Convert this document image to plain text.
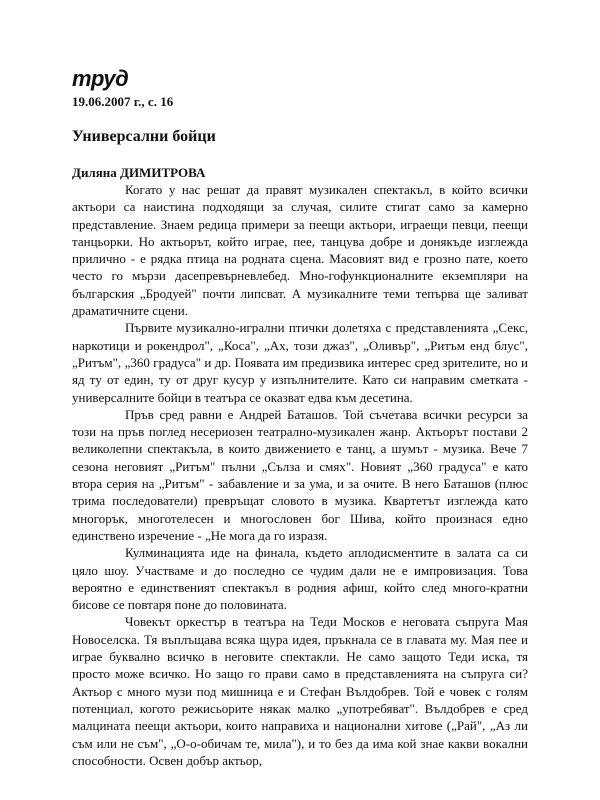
труд

19.06.2007 г., с. 16

Универсални бойци

Диляна ДИМИТРОВА

Когато у нас решат да правят музикален спектакъл, в който всички актьори са наистина подходящи за случая, силите стигат само за камерно представление. Знаем редица примери за пеещи актьори, играещи певци, пеещи танцьорки. Но актьорът, който играе, пее, танцува добре и донякъде изглежда прилично - е рядка птица на родната сцена. Масовият вид е грозно пате, което често го мързи дасепревърневлебед. Мно-гофункционалните екземпляри на българския „Бродуей" почти липсват. А музикалните теми тепърва ще заливат драматичните сцени.

Първите музикално-игрални птички долетяха с представленията „Секс, наркотици и рокендрол", „Коса", „Ах, този джаз", „Оливър", „Ритъм енд блус", „Ритъм", „360 градуса" и др. Появата им предизвика интерес сред зрителите, но и яд ту от един, ту от друг кусур у изпълнителите. Като си направим сметката - универсалните бойци в театъра се оказват едва към десетина.

Пръв сред равни е Андрей Баташов. Той съчетава всички ресурси за този на пръв поглед несериозен театрално-музикален жанр. Актьорът постави 2 великолепни спектакъла, в които движението е танц, а шумът - музика. Вече 7 сезона неговият „Ритъм" пълни „Сълза и смях". Новият „360 градуса" е като втора серия на „Ритъм" - забавление и за ума, и за очите. В него Баташов (плюс трима последователи) превръщат словото в музика. Квартетът изглежда като многорък, многотелесен и многословен бог Шива, който произнася едно единствено изречение - „Не мога да го изразя.

Кулминацията иде на финала, където аплодисментите в залата са си цяло шоу. Участваме и до последно се чудим дали не е импровизация. Това вероятно е единственият спектакъл в родния афиш, който след много-кратни бисове се повтаря поне до половината.

Човекът оркестър в театъра на Теди Москов е неговата съпруга Мая Новоселска. Тя въплъщава всяка щура идея, пръкнала се в главата му. Мая пее и играе буквално всичко в неговите спектакли. Не само защото Теди иска, тя просто може всичко. Но защо го прави само в представленията на съпруга си? Актьор с много музи под мишница е и Стефан Вълдобрев. Той е човек с голям потенциал, когото режисьорите някак малко „употребяват". Вълдобрев е сред малцината пеещи актьори, които направиха и национални хитове („Рай", „Аз ли съм или не съм", „О-о-обичам те, мила"), и то без да има кой знае какви вокални способности. Освен добър актьор,
